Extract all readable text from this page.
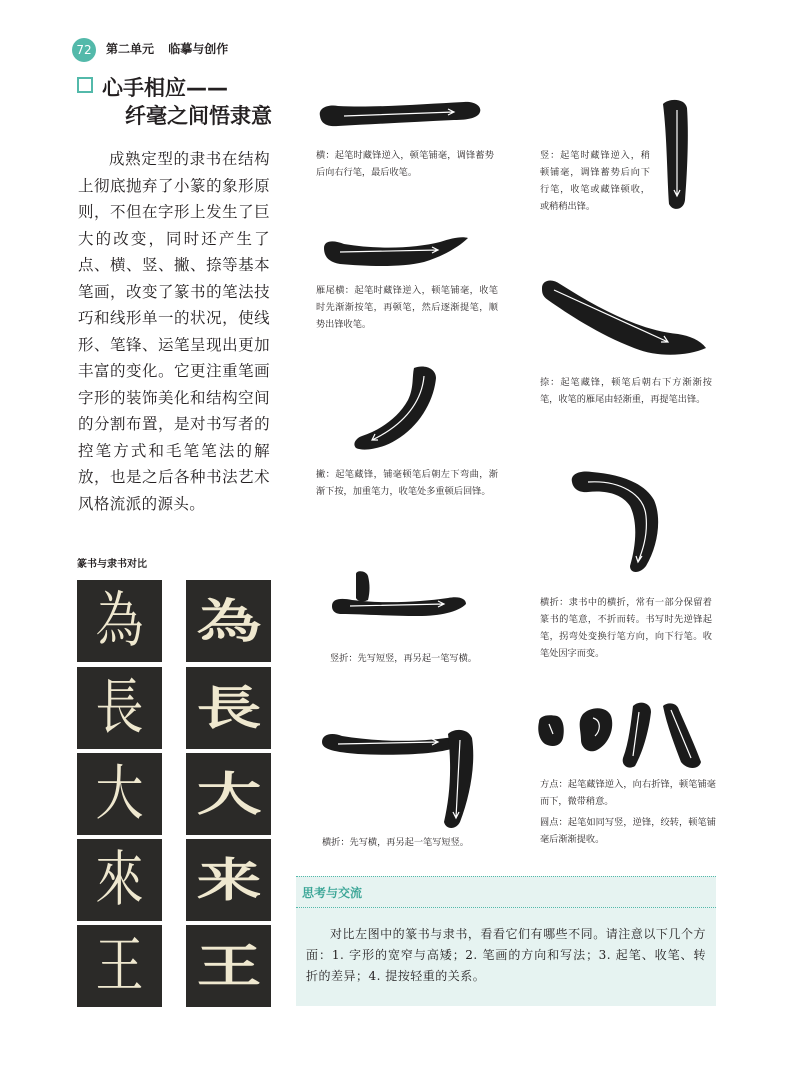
72	第二单元 临摹与创作
心手相应——
纤毫之间悟隶意
成熟定型的隶书在结构上彻底抛弃了小篆的象形原则，不但在字形上发生了巨大的改变，同时还产生了点、横、竖、撇、捺等基本笔画，改变了篆书的笔法技巧和线形单一的状况，使线形、笔锋、运笔呈现出更加丰富的变化。它更注重笔画字形的装饰美化和结构空间的分割布置，是对书写者的控笔方式和毛笔笔法的解放，也是之后各种书法艺术风格流派的源头。
篆书与隶书对比
為
長
大
來
王
為
長
大
来
王
横：起笔时藏锋逆入，顿笔铺毫，调锋蓄势后向右行笔，最后收笔。
竖：起笔时藏锋逆入，稍顿铺毫，调锋蓄势后向下行笔，收笔或藏锋顿收，或稍稍出锋。
雁尾横：起笔时藏锋逆入，顿笔铺毫，收笔时先渐渐按笔，再顿笔，然后逐渐提笔，顺势出锋收笔。
捺：起笔藏锋，顿笔后朝右下方渐渐按笔，收笔的雁尾由轻渐重，再提笔出锋。
撇：起笔藏锋，铺毫顿笔后朝左下弯曲，渐渐下按，加重笔力，收笔处多重顿后回锋。
横折：隶书中的横折，常有一部分保留着篆书的笔意，不折而转。书写时先逆锋起笔，拐弯处变换行笔方向，向下行笔。收笔处因字而变。
竖折：先写短竖，再另起一笔写横。
方点：起笔藏锋逆入，向右折锋，顿笔铺毫而下，微带稍意。
圆点：起笔如同写竖，逆锋，绞转，顿笔铺毫后渐渐提收。
横折：先写横，再另起一笔写短竖。
思考与交流
对比左图中的篆书与隶书，看看它们有哪些不同。请注意以下几个方面：1. 字形的宽窄与高矮；2. 笔画的方向和写法；3. 起笔、收笔、转折的差异；4. 提按轻重的关系。
